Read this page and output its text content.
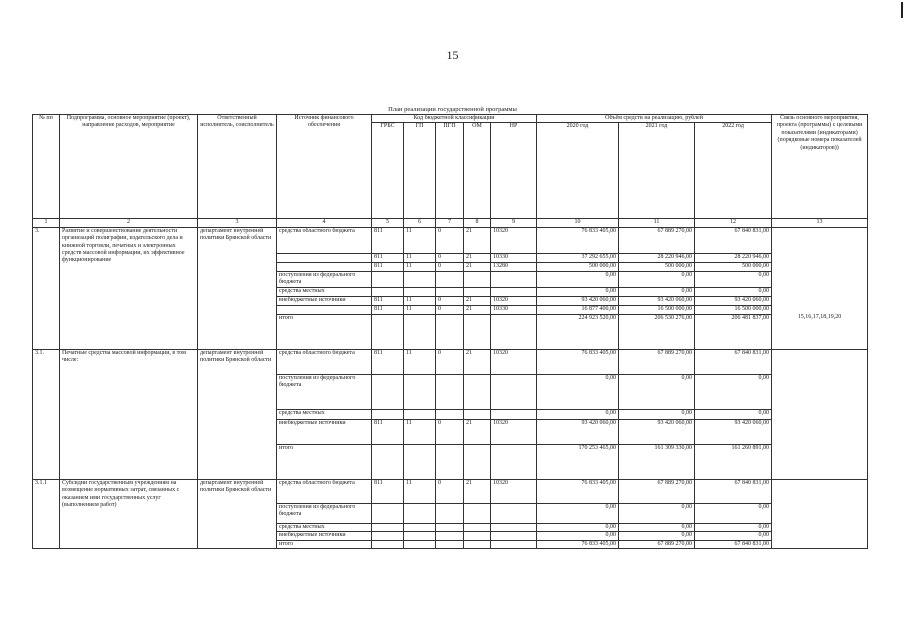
15
План реализации государственной программы
№ пп	Подпрограмма, основное мероприятие (проект), направление расходов, мероприятие	Ответственный исполнитель, соисполнитель	Источник финансового обеспечения	Код бюджетной классификации					Объём средств на реализацию, рублей			Связь основного мероприятия, проекта (программы) с целевыми показателями (индикаторами) (порядковые номера показателей (индикаторов))
				ГРБС	ГП	ПГП	ОМ	НР	2020 год	2021 год	2022 год	
1	2	3	4	5	6	7	8	9	10	11	12	13
3.	Развитие и совершенствование деятельности организаций полиграфии, издательского дела и книжной торговли, печатных и электронных средств массовой информации, их эффективное функционирование	департамент внутренней политики Брянской области	средства областного бюджета	811	11	0	21	10320	76 833 405,00	67 889 270,00	67 840 831,00	
				811	11	0	21	10330	37 292 655,00	28 220 946,00	28 220 946,00	
				811	11	0	21	13280	500 000,00	500 000,00	500 000,00	
			поступления из федерального бюджета						0,00	0,00	0,00	
			средства местных						0,00	0,00	0,00	
			внебюджетные источники	811	11	0	21	10320	93 420 060,00	93 420 060,00	93 420 060,00	
				811	11	0	21	10330	16 877 400,00	16 500 000,00	16 500 000,00	
			итого						224 923 520,00	206 530 276,00	206 481 837,00	15,16,17,18,19,20
3.1.	Печатные средства массовой информации, в том числе:	департамент внутренней политики Брянской области	средства областного бюджета	811	11	0	21	10320	76 833 405,00	67 889 270,00	67 840 831,00	
			поступления из федерального бюджета						0,00	0,00	0,00	
			средства местных						0,00	0,00	0,00	
			внебюджетные источники	811	11	0	21	10320	93 420 060,00	93 420 060,00	93 420 060,00	
			итого						170 253 465,00	161 309 330,00	161 260 891,00	
3.1.1	Субсидии государственным учреждениям на возмещение нормативных затрат, связанных с оказанием ими государственных услуг (выполнением работ)	департамент внутренней политики Брянской области	средства областного бюджета	811	11	0	21	10320	76 833 405,00	67 889 270,00	67 840 831,00	
			поступления из федерального бюджета						0,00	0,00	0,00	
			средства местных						0,00	0,00	0,00	
			внебюджетные источники						0,00	0,00	0,00	
			итого						76 833 405,00	67 889 270,00	67 840 831,00	
